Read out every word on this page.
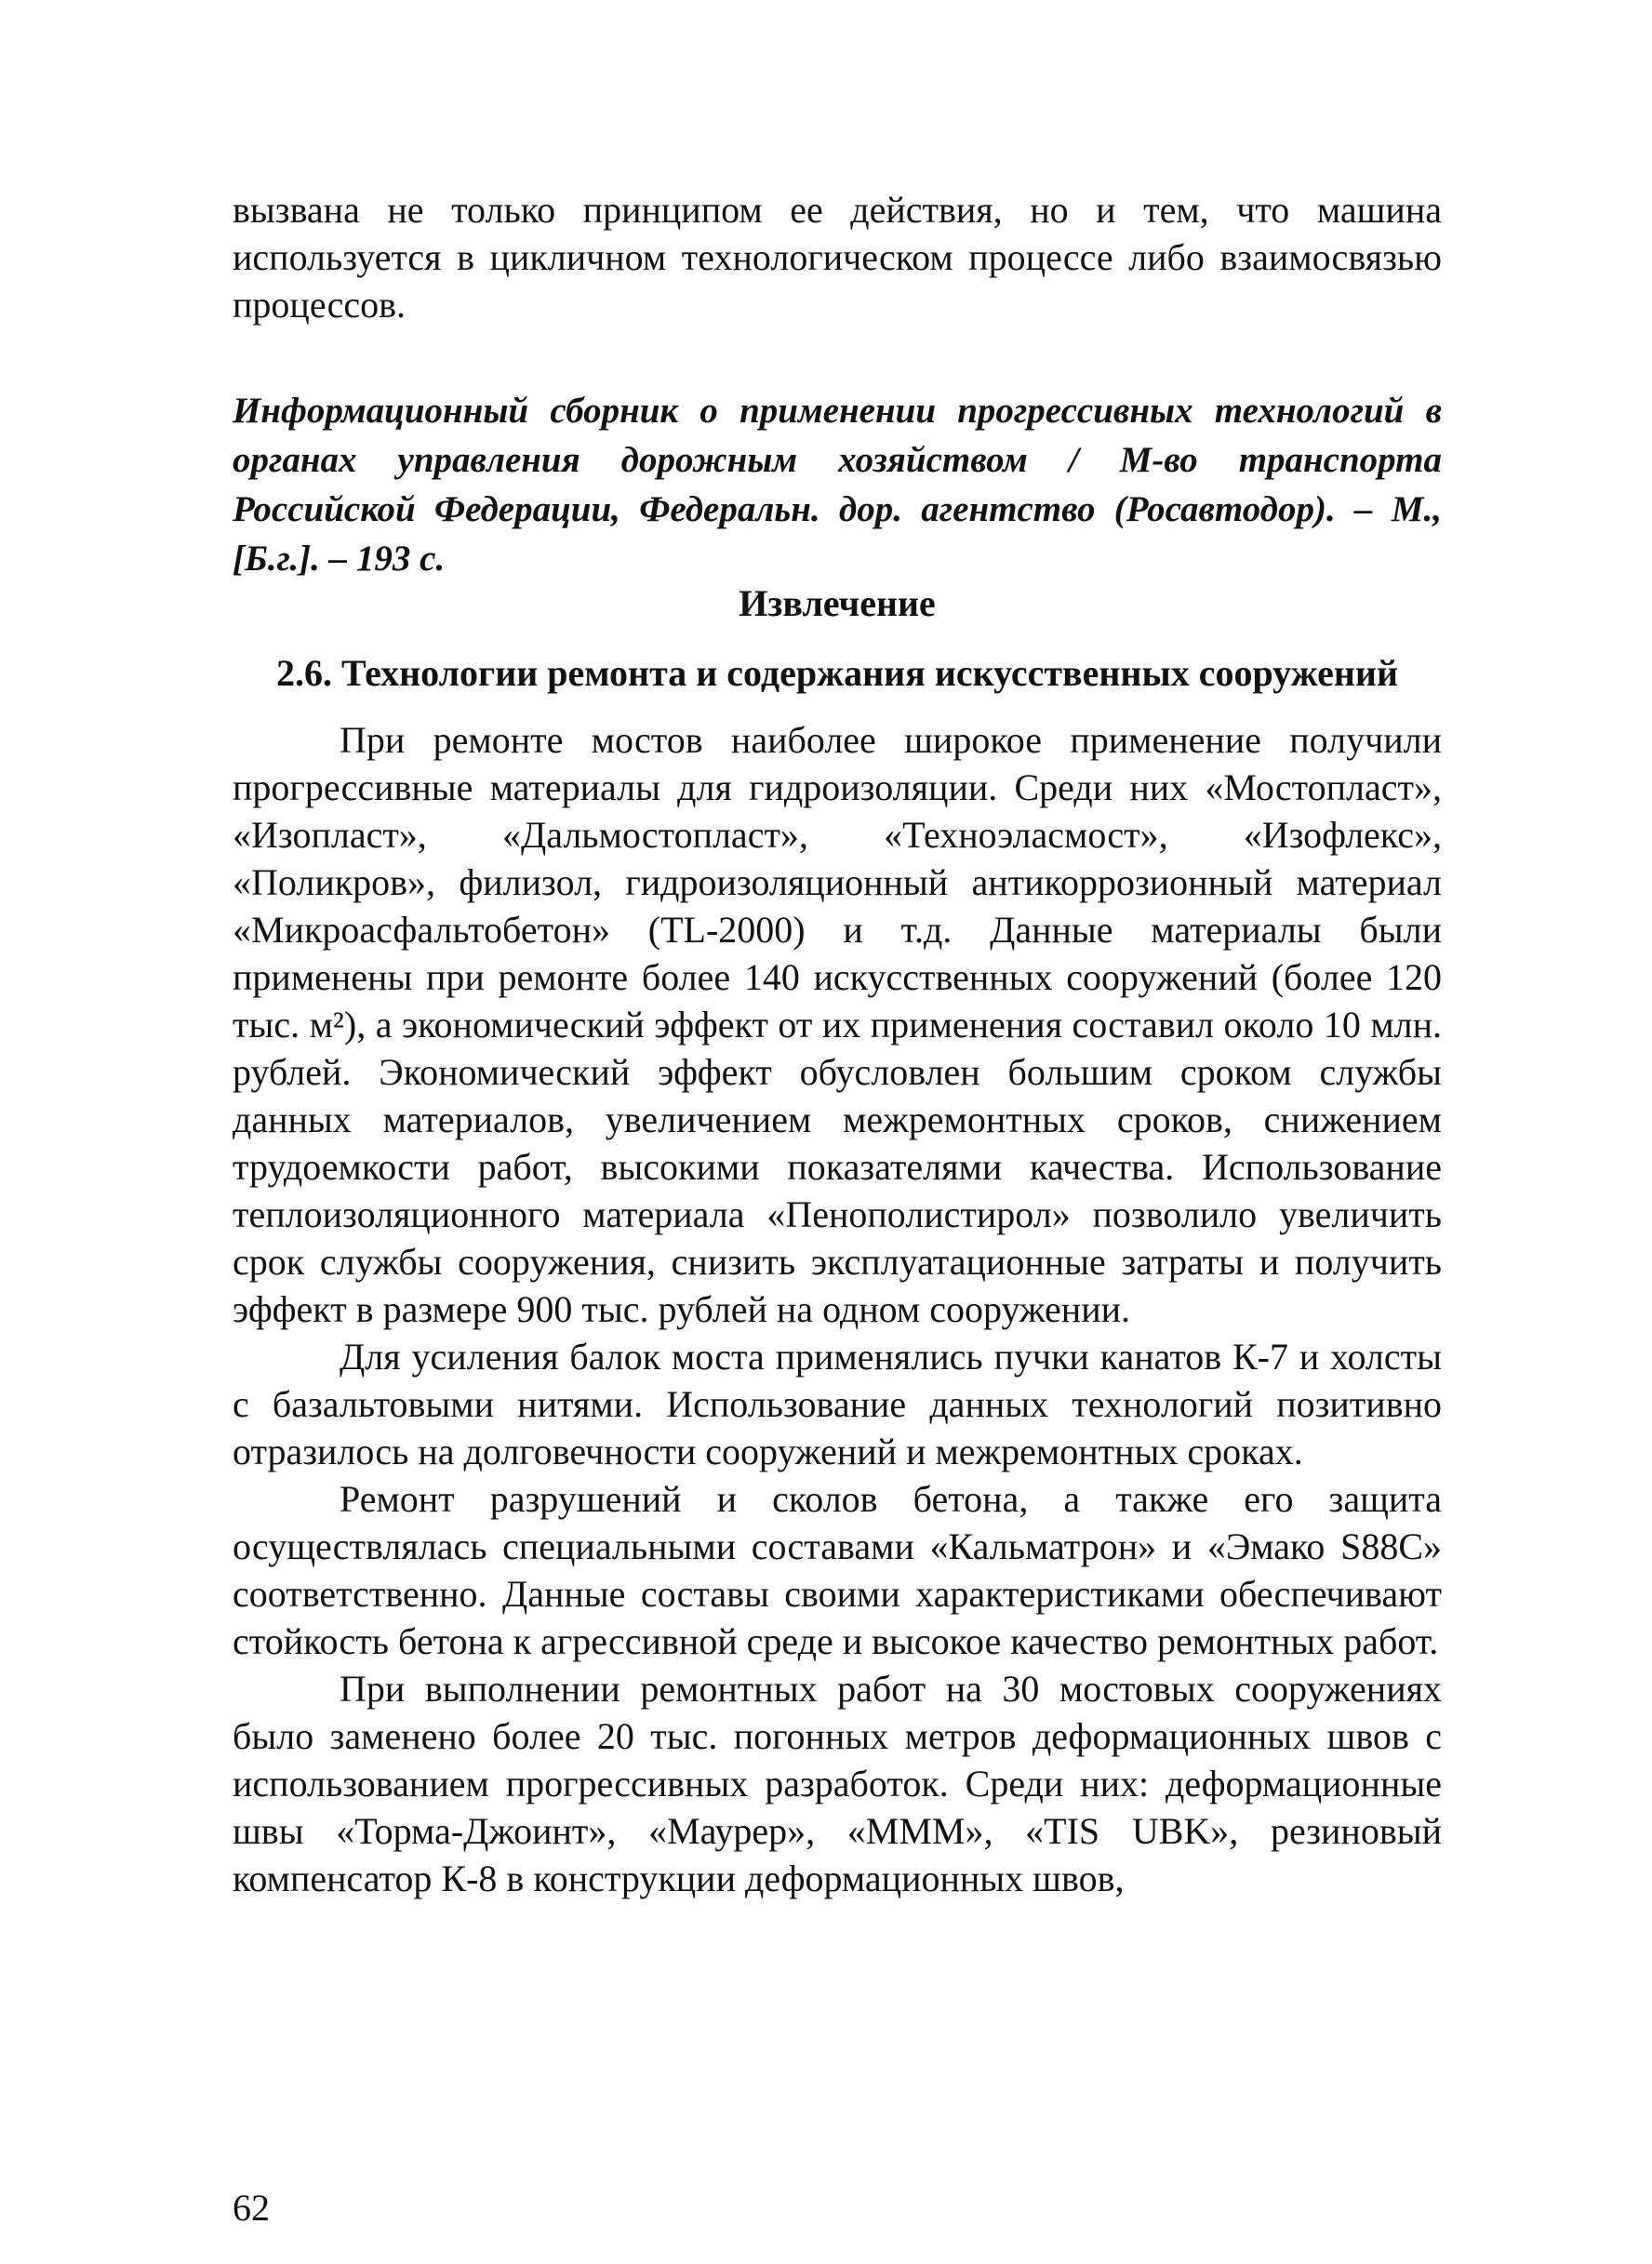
вызвана не только принципом ее действия, но и тем, что машина используется в цикличном технологическом процессе либо взаимосвязью процессов.

Информационный сборник о применении прогрессивных технологий в органах управления дорожным хозяйством / М-во транспорта Российской Федерации, Федеральн. дор. агентство (Росавтодор). – М., [Б.г.]. – 193 с.

Извлечение
2.6. Технологии ремонта и содержания искусственных сооружений

При ремонте мостов наиболее широкое применение получили прогрессивные материалы для гидроизоляции. Среди них «Мостопласт», «Изопласт», «Дальмостопласт», «Техноэласмост», «Изофлекс», «Поликров», филизол, гидроизоляционный антикоррозионный материал «Микроасфальтобетон» (TL-2000) и т.д. Данные материалы были применены при ремонте более 140 искусственных сооружений (более 120 тыс. м²), а экономический эффект от их применения составил около 10 млн. рублей. Экономический эффект обусловлен большим сроком службы данных материалов, увеличением межремонтных сроков, снижением трудоемкости работ, высокими показателями качества. Использование теплоизоляционного материала «Пенополистирол» позволило увеличить срок службы сооружения, снизить эксплуатационные затраты и получить эффект в размере 900 тыс. рублей на одном сооружении.

Для усиления балок моста применялись пучки канатов К-7 и холсты с базальтовыми нитями. Использование данных технологий позитивно отразилось на долговечности сооружений и межремонтных сроках.

Ремонт разрушений и сколов бетона, а также его защита осуществлялась специальными составами «Кальматрон» и «Эмако S88C» соответственно. Данные составы своими характеристиками обеспечивают стойкость бетона к агрессивной среде и высокое качество ремонтных работ.

При выполнении ремонтных работ на 30 мостовых сооружениях было заменено более 20 тыс. погонных метров деформационных швов с использованием прогрессивных разработок. Среди них: деформационные швы «Торма-Джоинт», «Маурер», «МММ», «TIS UBK», резиновый компенсатор К-8 в конструкции деформационных швов,

62
